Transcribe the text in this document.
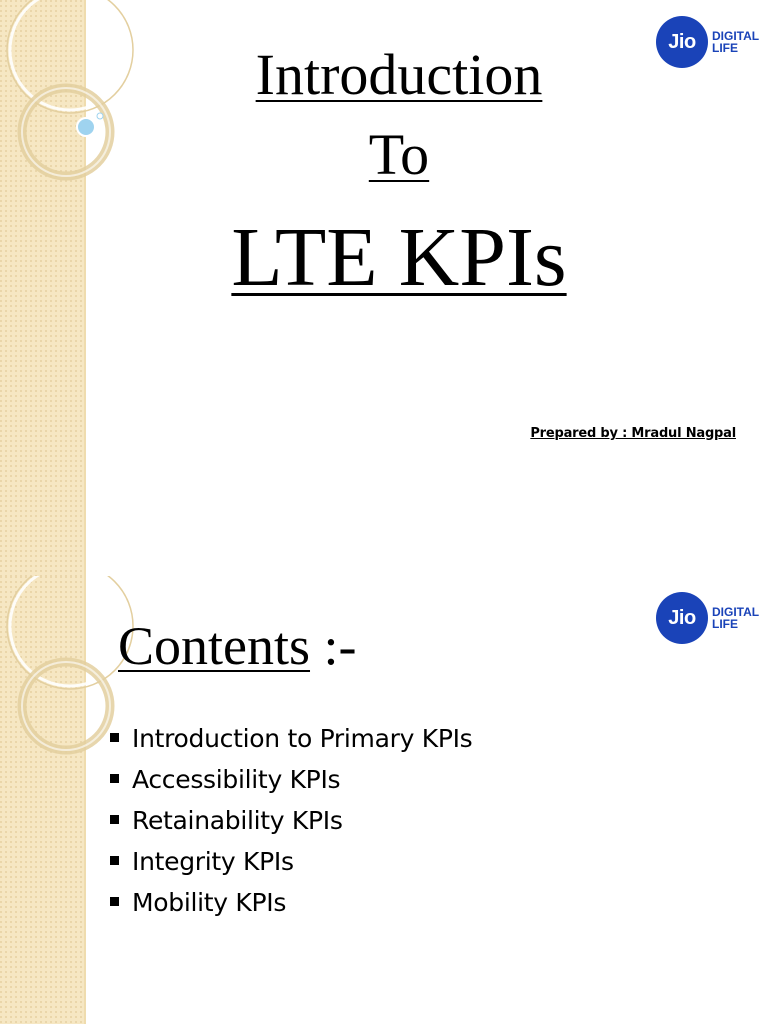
Jio	DIGITAL
LIFE
Introduction
To
LTE KPIs
Prepared by : Mradul Nagpal
Jio	DIGITAL
LIFE
Contents :-
Introduction to Primary KPIs
Accessibility KPIs
Retainability KPIs
Integrity KPIs
Mobility KPIs
